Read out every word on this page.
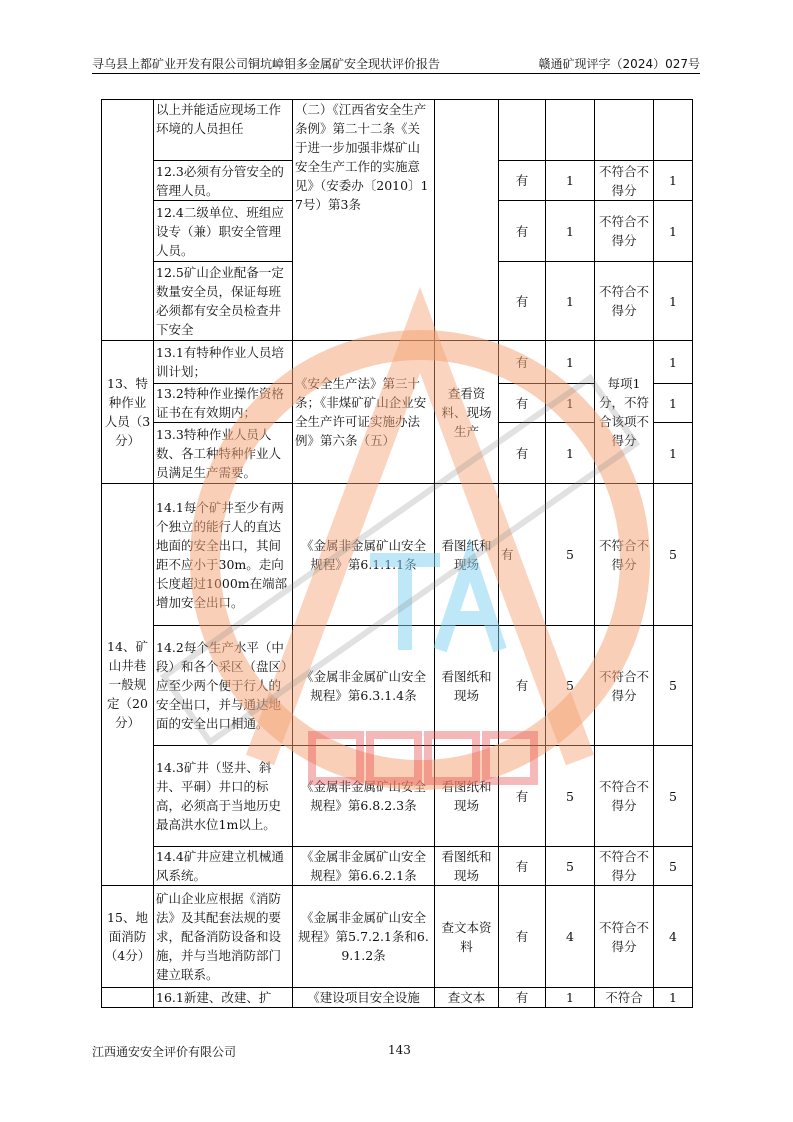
寻乌县上都矿业开发有限公司铜坑嶂钼多金属矿安全现状评价报告	赣通矿现评字（2024）027号
	以上并能适应现场工作环境的人员担任	（二）《江西省安全生产条例》第二十二条《关于进一步加强非煤矿山安全生产工作的实施意见》（安委办〔2010〕17号）第3条					
	12.3必须有分管安全的管理人员。			有	1	不符合不得分	1
	12.4二级单位、班组应设专（兼）职安全管理人员。			有	1	不符合不得分	1
	12.5矿山企业配备一定数量安全员，保证每班必须都有安全员检查井下安全			有	1	不符合不得分	1
13、特种作业人员（3分）	13.1有特种作业人员培训计划；	《安全生产法》第三十条；《非煤矿矿山企业安全生产许可证实施办法例》第六条（五）	查看资料、现场生产	有	1	每项1分，不符合该项不得分	1
	13.2特种作业操作资格证书在有效期内；			有	1		1
	13.3特种作业人员人数、各工种特种作业人员满足生产需要。			有	1		1
14、矿山井巷一般规定（20分）	14.1每个矿井至少有两个独立的能行人的直达地面的安全出口，其间距不应小于30m。走向长度超过1000m在端部增加安全出口。	《金属非金属矿山安全规程》第6.1.1.1条	看图纸和现场	有	5	不符合不得分	5
	14.2每个生产水平（中段）和各个采区（盘区）应至少两个便于行人的安全出口，并与通达地面的安全出口相通。	《金属非金属矿山安全规程》第6.3.1.4条	看图纸和现场	有	5	不符合不得分	5
	14.3矿井（竖井、斜井、平硐）井口的标高，必须高于当地历史最高洪水位1m以上。	《金属非金属矿山安全规程》第6.8.2.3条	看图纸和现场	有	5	不符合不得分	5
	14.4矿井应建立机械通风系统。	《金属非金属矿山安全规程》第6.6.2.1条	看图纸和现场	有	5	不符合不得分	5
15、地面消防（4分）	矿山企业应根据《消防法》及其配套法规的要求，配备消防设备和设施，并与当地消防部门建立联系。	《金属非金属矿山安全规程》第5.7.2.1条和6.9.1.2条	查文本资料	有	4	不符合不得分	4
	16.1新建、改建、扩	《建设项目安全设施	查文本	有	1	不符合	1
江西通安安全评价有限公司	143
